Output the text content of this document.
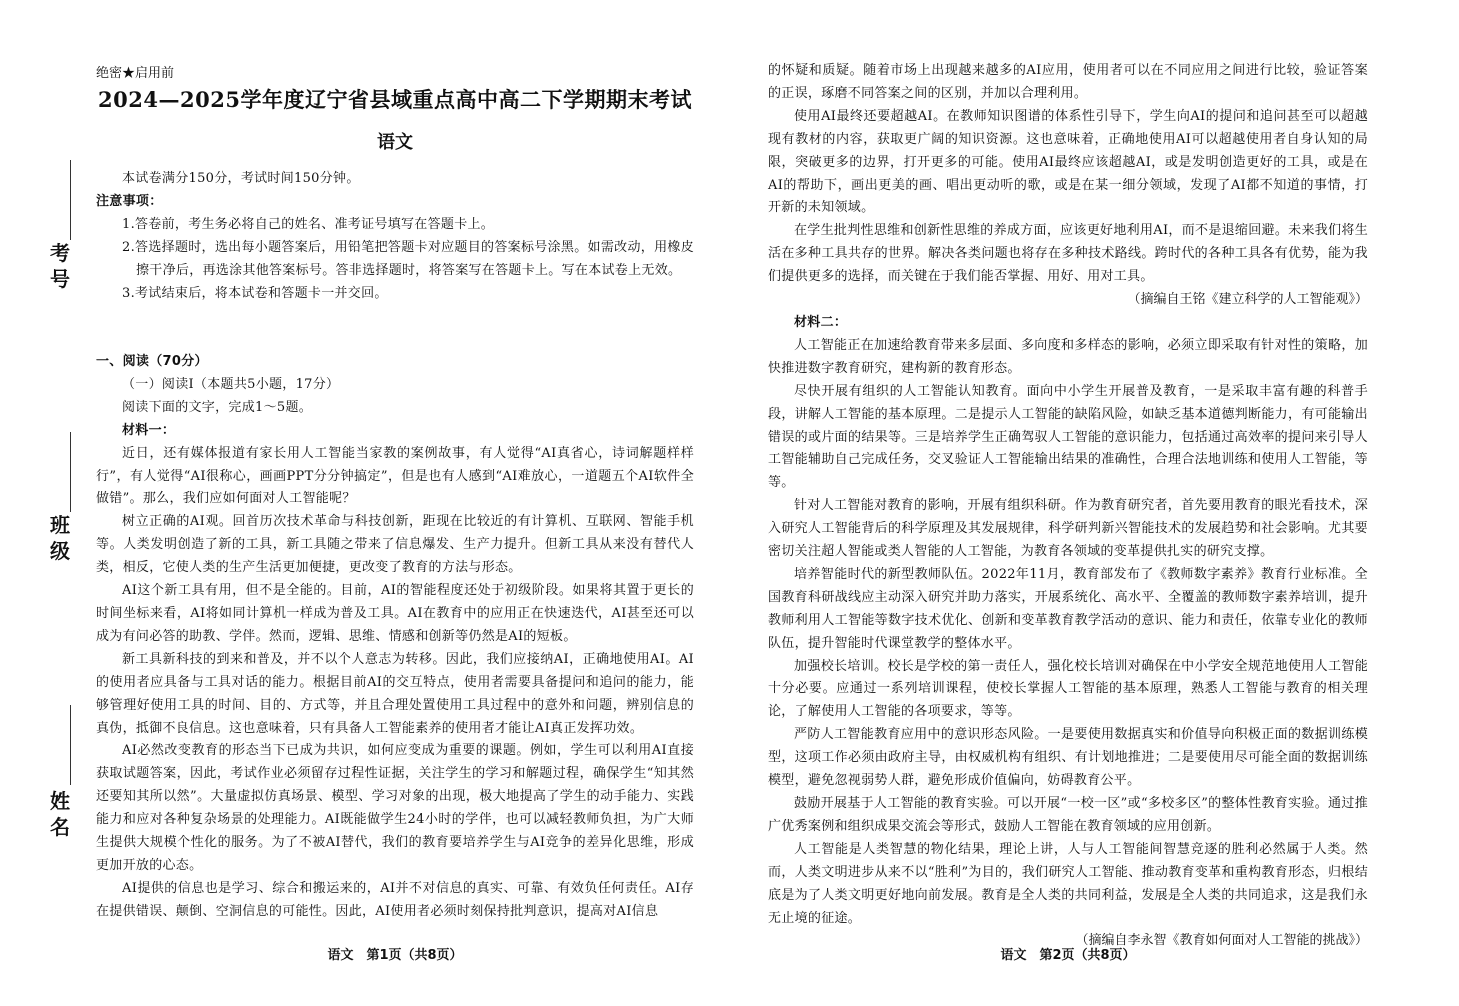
考号
班级
姓名
绝密★启用前
2024—2025学年度辽宁省县域重点高中高二下学期期末考试
语文

本试卷满分150分，考试时间150分钟。

注意事项：

1.答卷前，考生务必将自己的姓名、准考证号填写在答题卡上。

2.答选择题时，选出每小题答案后，用铅笔把答题卡对应题目的答案标号涂黑。如需改动，用橡皮擦干净后，再选涂其他答案标号。答非选择题时，将答案写在答题卡上。写在本试卷上无效。

3.考试结束后，将本试卷和答题卡一并交回。

一、阅读（70分）

（一）阅读Ⅰ（本题共5小题，17分）

阅读下面的文字，完成1～5题。

材料一：

近日，还有媒体报道有家长用人工智能当家教的案例故事，有人觉得“AI真省心，诗词解题样样行”，有人觉得“AI很称心，画画PPT分分钟搞定”，但是也有人感到“AI难放心，一道题五个AI软件全做错”。那么，我们应如何面对人工智能呢？

树立正确的AI观。回首历次技术革命与科技创新，距现在比较近的有计算机、互联网、智能手机等。人类发明创造了新的工具，新工具随之带来了信息爆发、生产力提升。但新工具从来没有替代人类，相反，它使人类的生产生活更加便捷，更改变了教育的方法与形态。

AI这个新工具有用，但不是全能的。目前，AI的智能程度还处于初级阶段。如果将其置于更长的时间坐标来看，AI将如同计算机一样成为普及工具。AI在教育中的应用正在快速迭代，AI甚至还可以成为有问必答的助教、学伴。然而，逻辑、思维、情感和创新等仍然是AI的短板。

新工具新科技的到来和普及，并不以个人意志为转移。因此，我们应接纳AI，正确地使用AI。AI的使用者应具备与工具对话的能力。根据目前AI的交互特点，使用者需要具备提问和追问的能力，能够管理好使用工具的时间、目的、方式等，并且合理处置使用工具过程中的意外和问题，辨别信息的真伪，抵御不良信息。这也意味着，只有具备人工智能素养的使用者才能让AI真正发挥功效。

AI必然改变教育的形态当下已成为共识，如何应变成为重要的课题。例如，学生可以利用AI直接获取试题答案，因此，考试作业必须留存过程性证据，关注学生的学习和解题过程，确保学生“知其然还要知其所以然”。大量虚拟仿真场景、模型、学习对象的出现，极大地提高了学生的动手能力、实践能力和应对各种复杂场景的处理能力。AI既能做学生24小时的学伴，也可以减轻教师负担，为广大师生提供大规模个性化的服务。为了不被AI替代，我们的教育要培养学生与AI竞争的差异化思维，形成更加开放的心态。

AI提供的信息也是学习、综合和搬运来的，AI并不对信息的真实、可靠、有效负任何责任。AI存在提供错误、颠倒、空洞信息的可能性。因此，AI使用者必须时刻保持批判意识，提高对AI信息

语文　第1页（共8页）

的怀疑和质疑。随着市场上出现越来越多的AI应用，使用者可以在不同应用之间进行比较，验证答案的正误，琢磨不同答案之间的区别，并加以合理利用。

使用AI最终还要超越AI。在教师知识图谱的体系性引导下，学生向AI的提问和追问甚至可以超越现有教材的内容，获取更广阔的知识资源。这也意味着，正确地使用AI可以超越使用者自身认知的局限，突破更多的边界，打开更多的可能。使用AI最终应该超越AI，或是发明创造更好的工具，或是在AI的帮助下，画出更美的画、唱出更动听的歌，或是在某一细分领域，发现了AI都不知道的事情，打开新的未知领域。

在学生批判性思维和创新性思维的养成方面，应该更好地利用AI，而不是退缩回避。未来我们将生活在多种工具共存的世界。解决各类问题也将存在多种技术路线。跨时代的各种工具各有优势，能为我们提供更多的选择，而关键在于我们能否掌握、用好、用对工具。

（摘编自王铭《建立科学的人工智能观》）

材料二：

人工智能正在加速给教育带来多层面、多向度和多样态的影响，必须立即采取有针对性的策略，加快推进数字教育研究，建构新的教育形态。

尽快开展有组织的人工智能认知教育。面向中小学生开展普及教育，一是采取丰富有趣的科普手段，讲解人工智能的基本原理。二是提示人工智能的缺陷风险，如缺乏基本道德判断能力，有可能输出错误的或片面的结果等。三是培养学生正确驾驭人工智能的意识能力，包括通过高效率的提问来引导人工智能辅助自己完成任务，交叉验证人工智能输出结果的准确性，合理合法地训练和使用人工智能，等等。

针对人工智能对教育的影响，开展有组织科研。作为教育研究者，首先要用教育的眼光看技术，深入研究人工智能背后的科学原理及其发展规律，科学研判新兴智能技术的发展趋势和社会影响。尤其要密切关注超人智能或类人智能的人工智能，为教育各领域的变革提供扎实的研究支撑。

培养智能时代的新型教师队伍。2022年11月，教育部发布了《教师数字素养》教育行业标准。全国教育科研战线应主动深入研究并助力落实，开展系统化、高水平、全覆盖的教师数字素养培训，提升教师利用人工智能等数字技术优化、创新和变革教育教学活动的意识、能力和责任，依靠专业化的教师队伍，提升智能时代课堂教学的整体水平。

加强校长培训。校长是学校的第一责任人，强化校长培训对确保在中小学安全规范地使用人工智能十分必要。应通过一系列培训课程，使校长掌握人工智能的基本原理，熟悉人工智能与教育的相关理论，了解使用人工智能的各项要求，等等。

严防人工智能教育应用中的意识形态风险。一是要使用数据真实和价值导向积极正面的数据训练模型，这项工作必须由政府主导，由权威机构有组织、有计划地推进；二是要使用尽可能全面的数据训练模型，避免忽视弱势人群，避免形成价值偏向，妨碍教育公平。

鼓励开展基于人工智能的教育实验。可以开展“一校一区”或“多校多区”的整体性教育实验。通过推广优秀案例和组织成果交流会等形式，鼓励人工智能在教育领域的应用创新。

人工智能是人类智慧的物化结果，理论上讲，人与人工智能间智慧竞逐的胜利必然属于人类。然而，人类文明进步从来不以“胜利”为目的，我们研究人工智能、推动教育变革和重构教育形态，归根结底是为了人类文明更好地向前发展。教育是全人类的共同利益，发展是全人类的共同追求，这是我们永无止境的征途。

（摘编自李永智《教育如何面对人工智能的挑战》）

语文　第2页（共8页）
